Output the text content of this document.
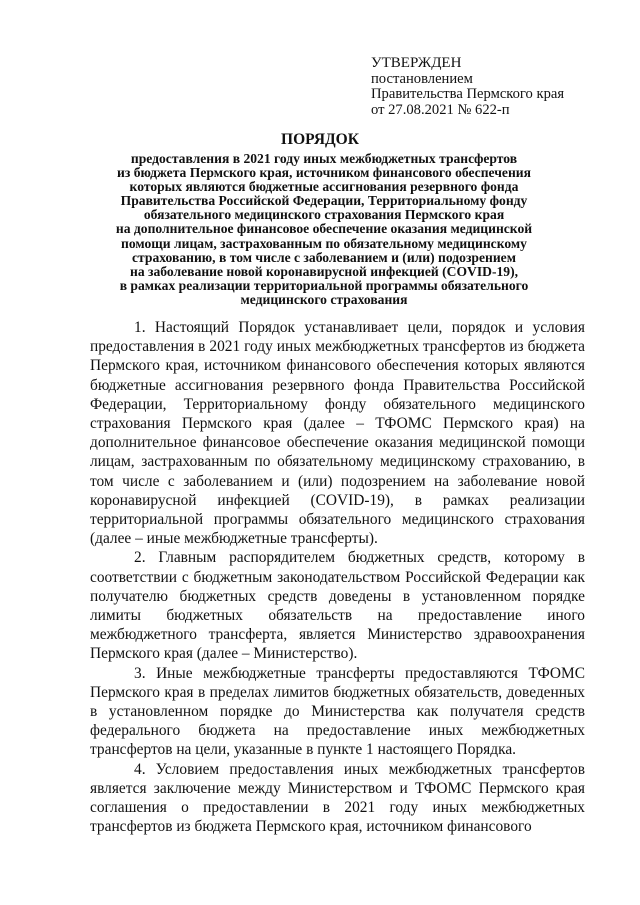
УТВЕРЖДЕН
постановлением
Правительства Пермского края
от 27.08.2021 № 622-п
ПОРЯДОК
предоставления в 2021 году иных межбюджетных трансфертов
из бюджета Пермского края, источником финансового обеспечения
которых являются бюджетные ассигнования резервного фонда
Правительства Российской Федерации, Территориальному фонду
обязательного медицинского страхования Пермского края
на дополнительное финансовое обеспечение оказания медицинской
помощи лицам, застрахованным по обязательному медицинскому
страхованию, в том числе с заболеванием и (или) подозрением
на заболевание новой коронавирусной инфекцией (COVID-19),
в рамках реализации территориальной программы обязательного
медицинского страхования

1. Настоящий Порядок устанавливает цели, порядок и условия предоставления в 2021 году иных межбюджетных трансфертов из бюджета Пермского края, источником финансового обеспечения которых являются бюджетные ассигнования резервного фонда Правительства Российской Федерации, Территориальному фонду обязательного медицинского страхования Пермского края (далее – ТФОМС Пермского края) на дополнительное финансовое обеспечение оказания медицинской помощи лицам, застрахованным по обязательному медицинскому страхованию, в том числе с заболеванием и (или) подозрением на заболевание новой коронавирусной инфекцией (COVID-19), в рамках реализации территориальной программы обязательного медицинского страхования (далее – иные межбюджетные трансферты).

2. Главным распорядителем бюджетных средств, которому в соответствии с бюджетным законодательством Российской Федерации как получателю бюджетных средств доведены в установленном порядке лимиты бюджетных обязательств на предоставление иного межбюджетного трансферта, является Министерство здравоохранения Пермского края (далее – Министерство).

3. Иные межбюджетные трансферты предоставляются ТФОМС Пермского края в пределах лимитов бюджетных обязательств, доведенных в установленном порядке до Министерства как получателя средств федерального бюджета на предоставление иных межбюджетных трансфертов на цели, указанные в пункте 1 настоящего Порядка.

4. Условием предоставления иных межбюджетных трансфертов является заключение между Министерством и ТФОМС Пермского края соглашения о предоставлении в 2021 году иных межбюджетных трансфертов из бюджета Пермского края, источником финансового
